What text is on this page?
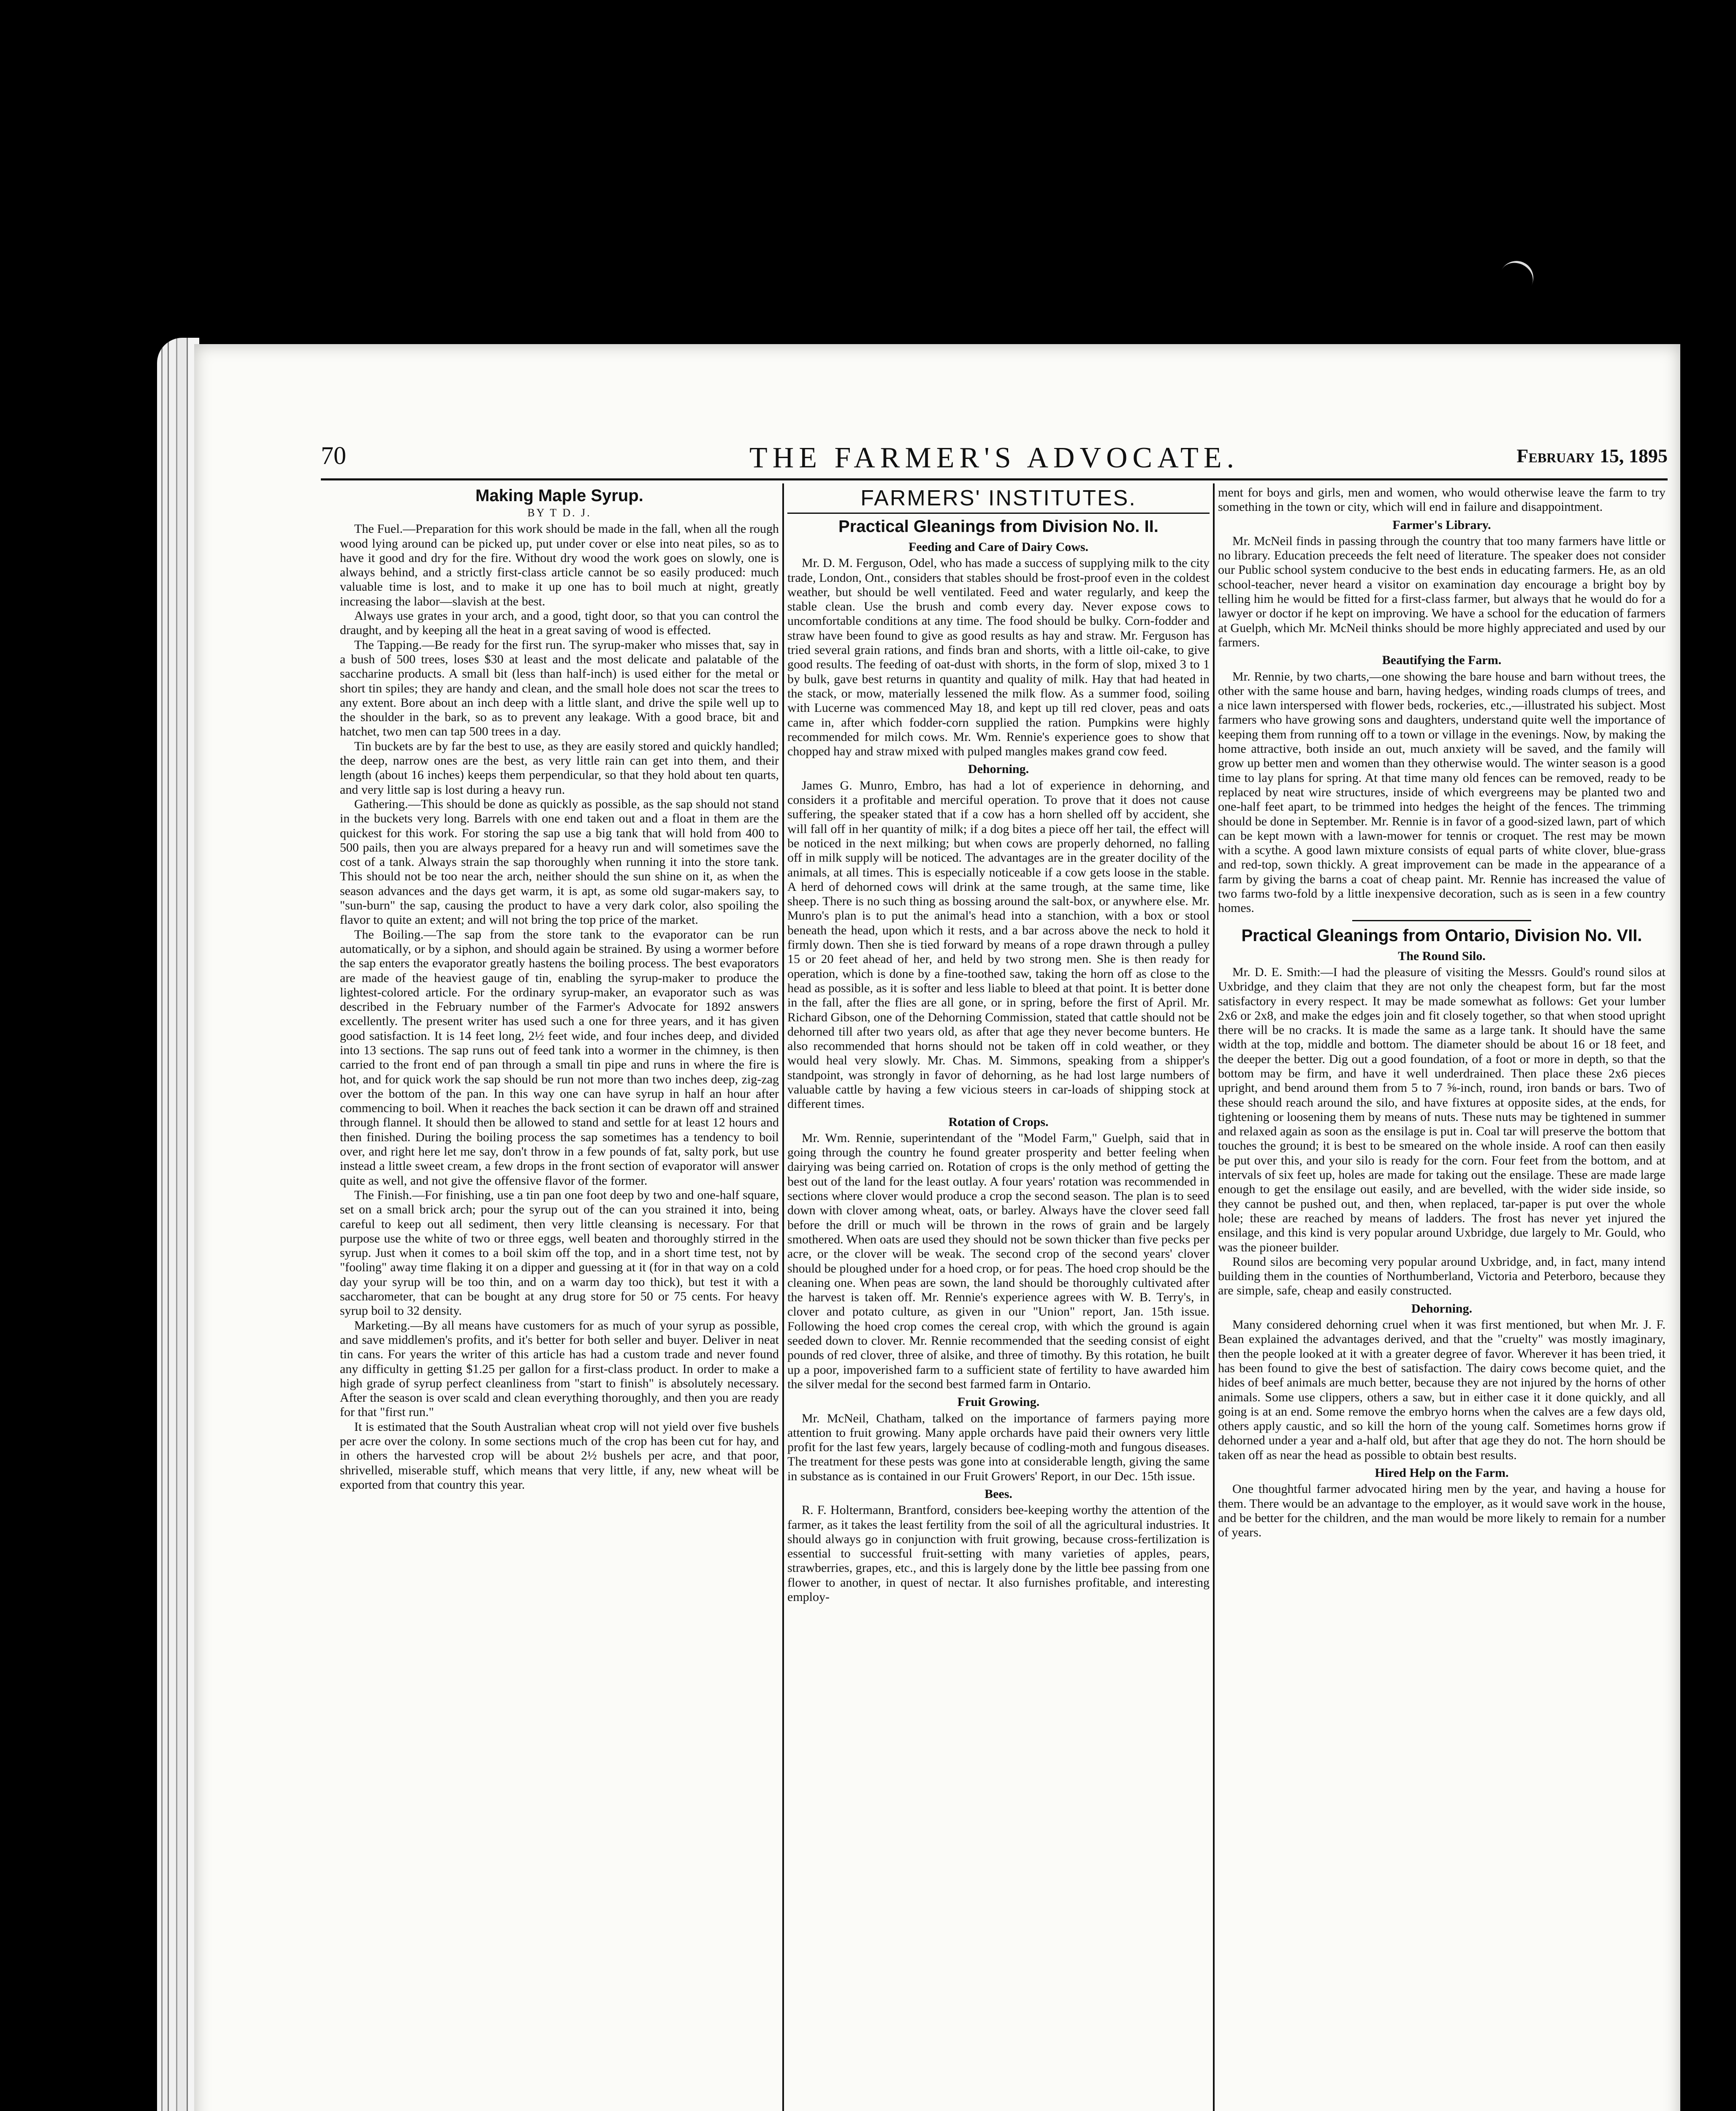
70	THE FARMER'S ADVOCATE.	February 15, 1895
Making Maple Syrup.
BY T D. J.

The Fuel.—Preparation for this work should be made in the fall, when all the rough wood lying around can be picked up, put under cover or else into neat piles, so as to have it good and dry for the fire. Without dry wood the work goes on slowly, one is always behind, and a strictly first-class article cannot be so easily produced: much valuable time is lost, and to make it up one has to boil much at night, greatly increasing the labor—slavish at the best.

Always use grates in your arch, and a good, tight door, so that you can control the draught, and by keeping all the heat in a great saving of wood is effected.

The Tapping.—Be ready for the first run. The syrup-maker who misses that, say in a bush of 500 trees, loses $30 at least and the most delicate and palatable of the saccharine products. A small bit (less than half-inch) is used either for the metal or short tin spiles; they are handy and clean, and the small hole does not scar the trees to any extent. Bore about an inch deep with a little slant, and drive the spile well up to the shoulder in the bark, so as to prevent any leakage. With a good brace, bit and hatchet, two men can tap 500 trees in a day.

Tin buckets are by far the best to use, as they are easily stored and quickly handled; the deep, narrow ones are the best, as very little rain can get into them, and their length (about 16 inches) keeps them perpendicular, so that they hold about ten quarts, and very little sap is lost during a heavy run.

Gathering.—This should be done as quickly as possible, as the sap should not stand in the buckets very long. Barrels with one end taken out and a float in them are the quickest for this work. For storing the sap use a big tank that will hold from 400 to 500 pails, then you are always prepared for a heavy run and will sometimes save the cost of a tank. Always strain the sap thoroughly when running it into the store tank. This should not be too near the arch, neither should the sun shine on it, as when the season advances and the days get warm, it is apt, as some old sugar-makers say, to "sun-burn" the sap, causing the product to have a very dark color, also spoiling the flavor to quite an extent; and will not bring the top price of the market.

The Boiling.—The sap from the store tank to the evaporator can be run automatically, or by a siphon, and should again be strained. By using a wormer before the sap enters the evaporator greatly hastens the boiling process. The best evaporators are made of the heaviest gauge of tin, enabling the syrup-maker to produce the lightest-colored article. For the ordinary syrup-maker, an evaporator such as was described in the February number of the Farmer's Advocate for 1892 answers excellently. The present writer has used such a one for three years, and it has given good satisfaction. It is 14 feet long, 2½ feet wide, and four inches deep, and divided into 13 sections. The sap runs out of feed tank into a wormer in the chimney, is then carried to the front end of pan through a small tin pipe and runs in where the fire is hot, and for quick work the sap should be run not more than two inches deep, zig-zag over the bottom of the pan. In this way one can have syrup in half an hour after commencing to boil. When it reaches the back section it can be drawn off and strained through flannel. It should then be allowed to stand and settle for at least 12 hours and then finished. During the boiling process the sap sometimes has a tendency to boil over, and right here let me say, don't throw in a few pounds of fat, salty pork, but use instead a little sweet cream, a few drops in the front section of evaporator will answer quite as well, and not give the offensive flavor of the former.

The Finish.—For finishing, use a tin pan one foot deep by two and one-half square, set on a small brick arch; pour the syrup out of the can you strained it into, being careful to keep out all sediment, then very little cleansing is necessary. For that purpose use the white of two or three eggs, well beaten and thoroughly stirred in the syrup. Just when it comes to a boil skim off the top, and in a short time test, not by "fooling" away time flaking it on a dipper and guessing at it (for in that way on a cold day your syrup will be too thin, and on a warm day too thick), but test it with a saccharometer, that can be bought at any drug store for 50 or 75 cents. For heavy syrup boil to 32 density.

Marketing.—By all means have customers for as much of your syrup as possible, and save middlemen's profits, and it's better for both seller and buyer. Deliver in neat tin cans. For years the writer of this article has had a custom trade and never found any difficulty in getting $1.25 per gallon for a first-class product. In order to make a high grade of syrup perfect cleanliness from "start to finish" is absolutely necessary. After the season is over scald and clean everything thoroughly, and then you are ready for that "first run."

It is estimated that the South Australian wheat crop will not yield over five bushels per acre over the colony. In some sections much of the crop has been cut for hay, and in others the harvested crop will be about 2½ bushels per acre, and that poor, shrivelled, miserable stuff, which means that very little, if any, new wheat will be exported from that country this year.

FARMERS' INSTITUTES.
Practical Gleanings from Division No. II.
Feeding and Care of Dairy Cows.

Mr. D. M. Ferguson, Odel, who has made a success of supplying milk to the city trade, London, Ont., considers that stables should be frost-proof even in the coldest weather, but should be well ventilated. Feed and water regularly, and keep the stable clean. Use the brush and comb every day. Never expose cows to uncomfortable conditions at any time. The food should be bulky. Corn-fodder and straw have been found to give as good results as hay and straw. Mr. Ferguson has tried several grain rations, and finds bran and shorts, with a little oil-cake, to give good results. The feeding of oat-dust with shorts, in the form of slop, mixed 3 to 1 by bulk, gave best returns in quantity and quality of milk. Hay that had heated in the stack, or mow, materially lessened the milk flow. As a summer food, soiling with Lucerne was commenced May 18, and kept up till red clover, peas and oats came in, after which fodder-corn supplied the ration. Pumpkins were highly recommended for milch cows. Mr. Wm. Rennie's experience goes to show that chopped hay and straw mixed with pulped mangles makes grand cow feed.

Dehorning.

James G. Munro, Embro, has had a lot of experience in dehorning, and considers it a profitable and merciful operation. To prove that it does not cause suffering, the speaker stated that if a cow has a horn shelled off by accident, she will fall off in her quantity of milk; if a dog bites a piece off her tail, the effect will be noticed in the next milking; but when cows are properly dehorned, no falling off in milk supply will be noticed. The advantages are in the greater docility of the animals, at all times. This is especially noticeable if a cow gets loose in the stable. A herd of dehorned cows will drink at the same trough, at the same time, like sheep. There is no such thing as bossing around the salt-box, or anywhere else. Mr. Munro's plan is to put the animal's head into a stanchion, with a box or stool beneath the head, upon which it rests, and a bar across above the neck to hold it firmly down. Then she is tied forward by means of a rope drawn through a pulley 15 or 20 feet ahead of her, and held by two strong men. She is then ready for operation, which is done by a fine-toothed saw, taking the horn off as close to the head as possible, as it is softer and less liable to bleed at that point. It is better done in the fall, after the flies are all gone, or in spring, before the first of April. Mr. Richard Gibson, one of the Dehorning Commission, stated that cattle should not be dehorned till after two years old, as after that age they never become bunters. He also recommended that horns should not be taken off in cold weather, or they would heal very slowly. Mr. Chas. M. Simmons, speaking from a shipper's standpoint, was strongly in favor of dehorning, as he had lost large numbers of valuable cattle by having a few vicious steers in car-loads of shipping stock at different times.

Rotation of Crops.

Mr. Wm. Rennie, superintendant of the "Model Farm," Guelph, said that in going through the country he found greater prosperity and better feeling when dairying was being carried on. Rotation of crops is the only method of getting the best out of the land for the least outlay. A four years' rotation was recommended in sections where clover would produce a crop the second season. The plan is to seed down with clover among wheat, oats, or barley. Always have the clover seed fall before the drill or much will be thrown in the rows of grain and be largely smothered. When oats are used they should not be sown thicker than five pecks per acre, or the clover will be weak. The second crop of the second years' clover should be ploughed under for a hoed crop, or for peas. The hoed crop should be the cleaning one. When peas are sown, the land should be thoroughly cultivated after the harvest is taken off. Mr. Rennie's experience agrees with W. B. Terry's, in clover and potato culture, as given in our "Union" report, Jan. 15th issue. Following the hoed crop comes the cereal crop, with which the ground is again seeded down to clover. Mr. Rennie recommended that the seeding consist of eight pounds of red clover, three of alsike, and three of timothy. By this rotation, he built up a poor, impoverished farm to a sufficient state of fertility to have awarded him the silver medal for the second best farmed farm in Ontario.

Fruit Growing.

Mr. McNeil, Chatham, talked on the importance of farmers paying more attention to fruit growing. Many apple orchards have paid their owners very little profit for the last few years, largely because of codling-moth and fungous diseases. The treatment for these pests was gone into at considerable length, giving the same in substance as is contained in our Fruit Growers' Report, in our Dec. 15th issue.

Bees.

R. F. Holtermann, Brantford, considers bee-keeping worthy the attention of the farmer, as it takes the least fertility from the soil of all the agricultural industries. It should always go in conjunction with fruit growing, because cross-fertilization is essential to successful fruit-setting with many varieties of apples, pears, strawberries, grapes, etc., and this is largely done by the little bee passing from one flower to another, in quest of nectar. It also furnishes profitable, and interesting employ-

ment for boys and girls, men and women, who would otherwise leave the farm to try something in the town or city, which will end in failure and disappointment.

Farmer's Library.

Mr. McNeil finds in passing through the country that too many farmers have little or no library. Education preceeds the felt need of literature. The speaker does not consider our Public school system conducive to the best ends in educating farmers. He, as an old school-teacher, never heard a visitor on examination day encourage a bright boy by telling him he would be fitted for a first-class farmer, but always that he would do for a lawyer or doctor if he kept on improving. We have a school for the education of farmers at Guelph, which Mr. McNeil thinks should be more highly appreciated and used by our farmers.

Beautifying the Farm.

Mr. Rennie, by two charts,—one showing the bare house and barn without trees, the other with the same house and barn, having hedges, winding roads clumps of trees, and a nice lawn interspersed with flower beds, rockeries, etc.,—illustrated his subject. Most farmers who have growing sons and daughters, understand quite well the importance of keeping them from running off to a town or village in the evenings. Now, by making the home attractive, both inside an out, much anxiety will be saved, and the family will grow up better men and women than they otherwise would. The winter season is a good time to lay plans for spring. At that time many old fences can be removed, ready to be replaced by neat wire structures, inside of which evergreens may be planted two and one-half feet apart, to be trimmed into hedges the height of the fences. The trimming should be done in September. Mr. Rennie is in favor of a good-sized lawn, part of which can be kept mown with a lawn-mower for tennis or croquet. The rest may be mown with a scythe. A good lawn mixture consists of equal parts of white clover, blue-grass and red-top, sown thickly. A great improvement can be made in the appearance of a farm by giving the barns a coat of cheap paint. Mr. Rennie has increased the value of two farms two-fold by a little inexpensive decoration, such as is seen in a few country homes.

Practical Gleanings from Ontario, Division No. VII.
The Round Silo.

Mr. D. E. Smith:—I had the pleasure of visiting the Messrs. Gould's round silos at Uxbridge, and they claim that they are not only the cheapest form, but far the most satisfactory in every respect. It may be made somewhat as follows: Get your lumber 2x6 or 2x8, and make the edges join and fit closely together, so that when stood upright there will be no cracks. It is made the same as a large tank. It should have the same width at the top, middle and bottom. The diameter should be about 16 or 18 feet, and the deeper the better. Dig out a good foundation, of a foot or more in depth, so that the bottom may be firm, and have it well underdrained. Then place these 2x6 pieces upright, and bend around them from 5 to 7 ⅝-inch, round, iron bands or bars. Two of these should reach around the silo, and have fixtures at opposite sides, at the ends, for tightening or loosening them by means of nuts. These nuts may be tightened in summer and relaxed again as soon as the ensilage is put in. Coal tar will preserve the bottom that touches the ground; it is best to be smeared on the whole inside. A roof can then easily be put over this, and your silo is ready for the corn. Four feet from the bottom, and at intervals of six feet up, holes are made for taking out the ensilage. These are made large enough to get the ensilage out easily, and are bevelled, with the wider side inside, so they cannot be pushed out, and then, when replaced, tar-paper is put over the whole hole; these are reached by means of ladders. The frost has never yet injured the ensilage, and this kind is very popular around Uxbridge, due largely to Mr. Gould, who was the pioneer builder.

Round silos are becoming very popular around Uxbridge, and, in fact, many intend building them in the counties of Northumberland, Victoria and Peterboro, because they are simple, safe, cheap and easily constructed.

Dehorning.

Many considered dehorning cruel when it was first mentioned, but when Mr. J. F. Bean explained the advantages derived, and that the "cruelty" was mostly imaginary, then the people looked at it with a greater degree of favor. Wherever it has been tried, it has been found to give the best of satisfaction. The dairy cows become quiet, and the hides of beef animals are much better, because they are not injured by the horns of other animals. Some use clippers, others a saw, but in either case it it done quickly, and all going is at an end. Some remove the embryo horns when the calves are a few days old, others apply caustic, and so kill the horn of the young calf. Sometimes horns grow if dehorned under a year and a-half old, but after that age they do not. The horn should be taken off as near the head as possible to obtain best results.

Hired Help on the Farm.

One thoughtful farmer advocated hiring men by the year, and having a house for them. There would be an advantage to the employer, as it would save work in the house, and be better for the children, and the man would be more likely to remain for a number of years.
